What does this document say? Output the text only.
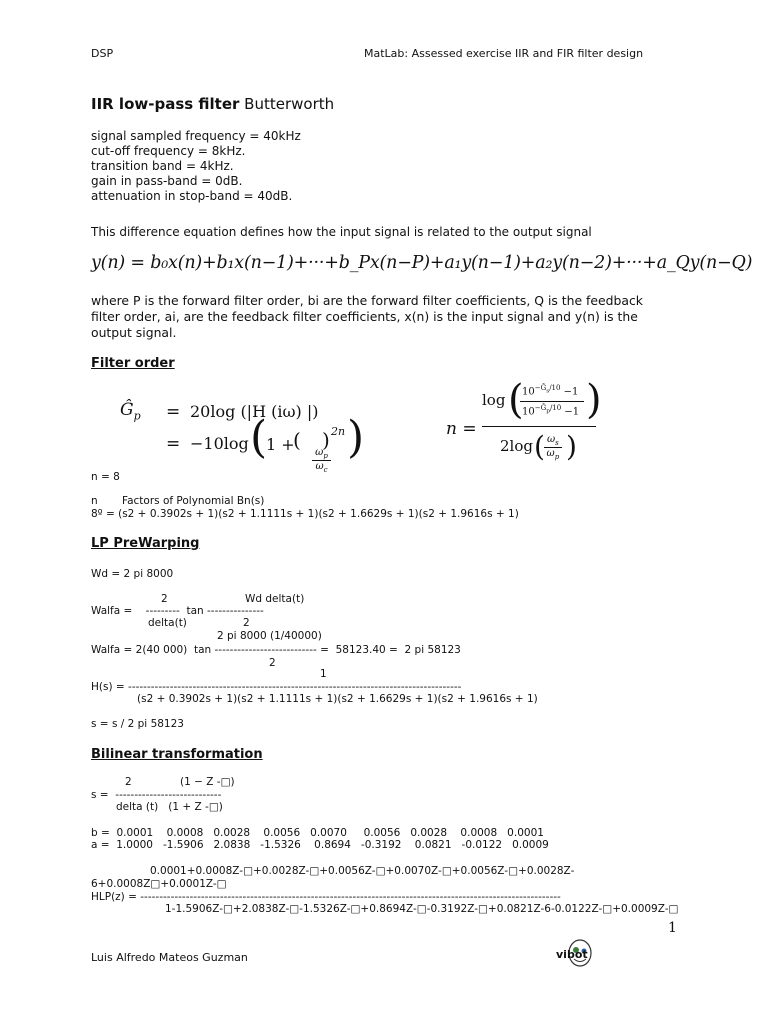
DSP	MatLab: Assessed exercise IIR and FIR filter design
IIR low-pass filter Butterworth
signal sampled frequency = 40kHz
cut-off frequency = 8kHz.
transition band = 4kHz.
gain in pass-band = 0dB.
attenuation in stop-band = 40dB.
This difference equation defines how the input signal is related to the output signal
y(n) = b₀x(n)+b₁x(n−1)+···+b_Px(n−P)+a₁y(n−1)+a₂y(n−2)+···+a_Qy(n−Q)
where P is the forward filter order, bi are the forward filter coefficients, Q is the feedback
filter order, ai, are the feedback filter coefficients, x(n) is the input signal and y(n) is the
output signal.
Filter order
$Ĝ_p = 20\log$ (|H (iω) |)
= −10log (
1 +
(

$\frac{\omega_p}{\omega_c}$

) 2n )	n =

log

(

$10^{-Ĝ_s/10} -1$

$10^{-Ĝ_p/10} -1$

)

2log

(

$\frac{\omega_s}{\omega_p}$

)

n = 8
n Factors of Polynomial Bn(s)
8º = (s2 + 0.3902s + 1)(s2 + 1.1111s + 1)(s2 + 1.6629s + 1)(s2 + 1.9616s + 1)
LP PreWarping
Wd = 2 pi 8000
2	Wd delta(t)
Walfa =    ---------  tan ---------------
delta(t)	2
2 pi 8000 (1/40000)
Walfa = 2(40 000)  tan --------------------------- =  58123.40 =  2 pi 58123
2
1
H(s) = ----------------------------------------------------------------------------------------
(s2 + 0.3902s + 1)(s2 + 1.1111s + 1)(s2 + 1.6629s + 1)(s2 + 1.9616s + 1)
s = s / 2 pi 58123
Bilinear transformation
2	(1 − Z -□)
s =  ----------------------------
delta (t)   (1 + Z -□)
b =  0.0001    0.0008   0.0028    0.0056   0.0070     0.0056   0.0028    0.0008   0.0001
a =  1.0000   -1.5906   2.0838   -1.5326    0.8694   -0.3192    0.0821   -0.0122   0.0009
0.0001+0.0008Z-□+0.0028Z-□+0.0056Z-□+0.0070Z-□+0.0056Z-□+0.0028Z-
6+0.0008Z□+0.0001Z-□
HLP(z) = ---------------------------------------------------------------------------------------------------------------
1-1.5906Z-□+2.0838Z-□-1.5326Z-□+0.8694Z-□-0.3192Z-□+0.0821Z-6-0.0122Z-□+0.0009Z-□
1
Luis Alfredo Mateos Guzman

	vibot
